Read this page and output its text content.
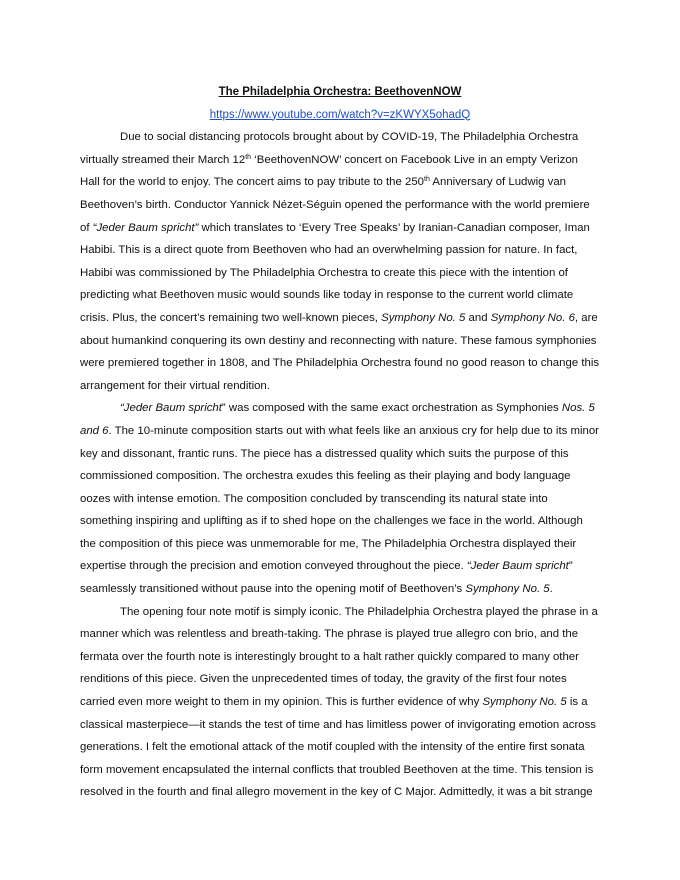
The Philadelphia Orchestra: BeethovenNOW

https://www.youtube.com/watch?v=zKWYX5ohadQ

Due to social distancing protocols brought about by COVID-19, The Philadelphia Orchestra virtually streamed their March 12th ‘BeethovenNOW’ concert on Facebook Live in an empty Verizon Hall for the world to enjoy. The concert aims to pay tribute to the 250th Anniversary of Ludwig van Beethoven’s birth. Conductor Yannick Nézet-Séguin opened the performance with the world premiere of “Jeder Baum spricht” which translates to ‘Every Tree Speaks’ by Iranian-Canadian composer, Iman Habibi. This is a direct quote from Beethoven who had an overwhelming passion for nature. In fact, Habibi was commissioned by The Philadelphia Orchestra to create this piece with the intention of predicting what Beethoven music would sounds like today in response to the current world climate crisis. Plus, the concert’s remaining two well-known pieces, Symphony No. 5 and Symphony No. 6, are about humankind conquering its own destiny and reconnecting with nature. These famous symphonies were premiered together in 1808, and The Philadelphia Orchestra found no good reason to change this arrangement for their virtual rendition.

“Jeder Baum spricht” was composed with the same exact orchestration as Symphonies Nos. 5 and 6. The 10-minute composition starts out with what feels like an anxious cry for help due to its minor key and dissonant, frantic runs. The piece has a distressed quality which suits the purpose of this commissioned composition. The orchestra exudes this feeling as their playing and body language oozes with intense emotion. The composition concluded by transcending its natural state into something inspiring and uplifting as if to shed hope on the challenges we face in the world. Although the composition of this piece was unmemorable for me, The Philadelphia Orchestra displayed their expertise through the precision and emotion conveyed throughout the piece. “Jeder Baum spricht” seamlessly transitioned without pause into the opening motif of Beethoven’s Symphony No. 5.

The opening four note motif is simply iconic. The Philadelphia Orchestra played the phrase in a manner which was relentless and breath-taking. The phrase is played true allegro con brio, and the fermata over the fourth note is interestingly brought to a halt rather quickly compared to many other renditions of this piece. Given the unprecedented times of today, the gravity of the first four notes carried even more weight to them in my opinion. This is further evidence of why Symphony No. 5 is a classical masterpiece—it stands the test of time and has limitless power of invigorating emotion across generations. I felt the emotional attack of the motif coupled with the intensity of the entire first sonata form movement encapsulated the internal conflicts that troubled Beethoven at the time. This tension is resolved in the fourth and final allegro movement in the key of C Major. Admittedly, it was a bit strange
